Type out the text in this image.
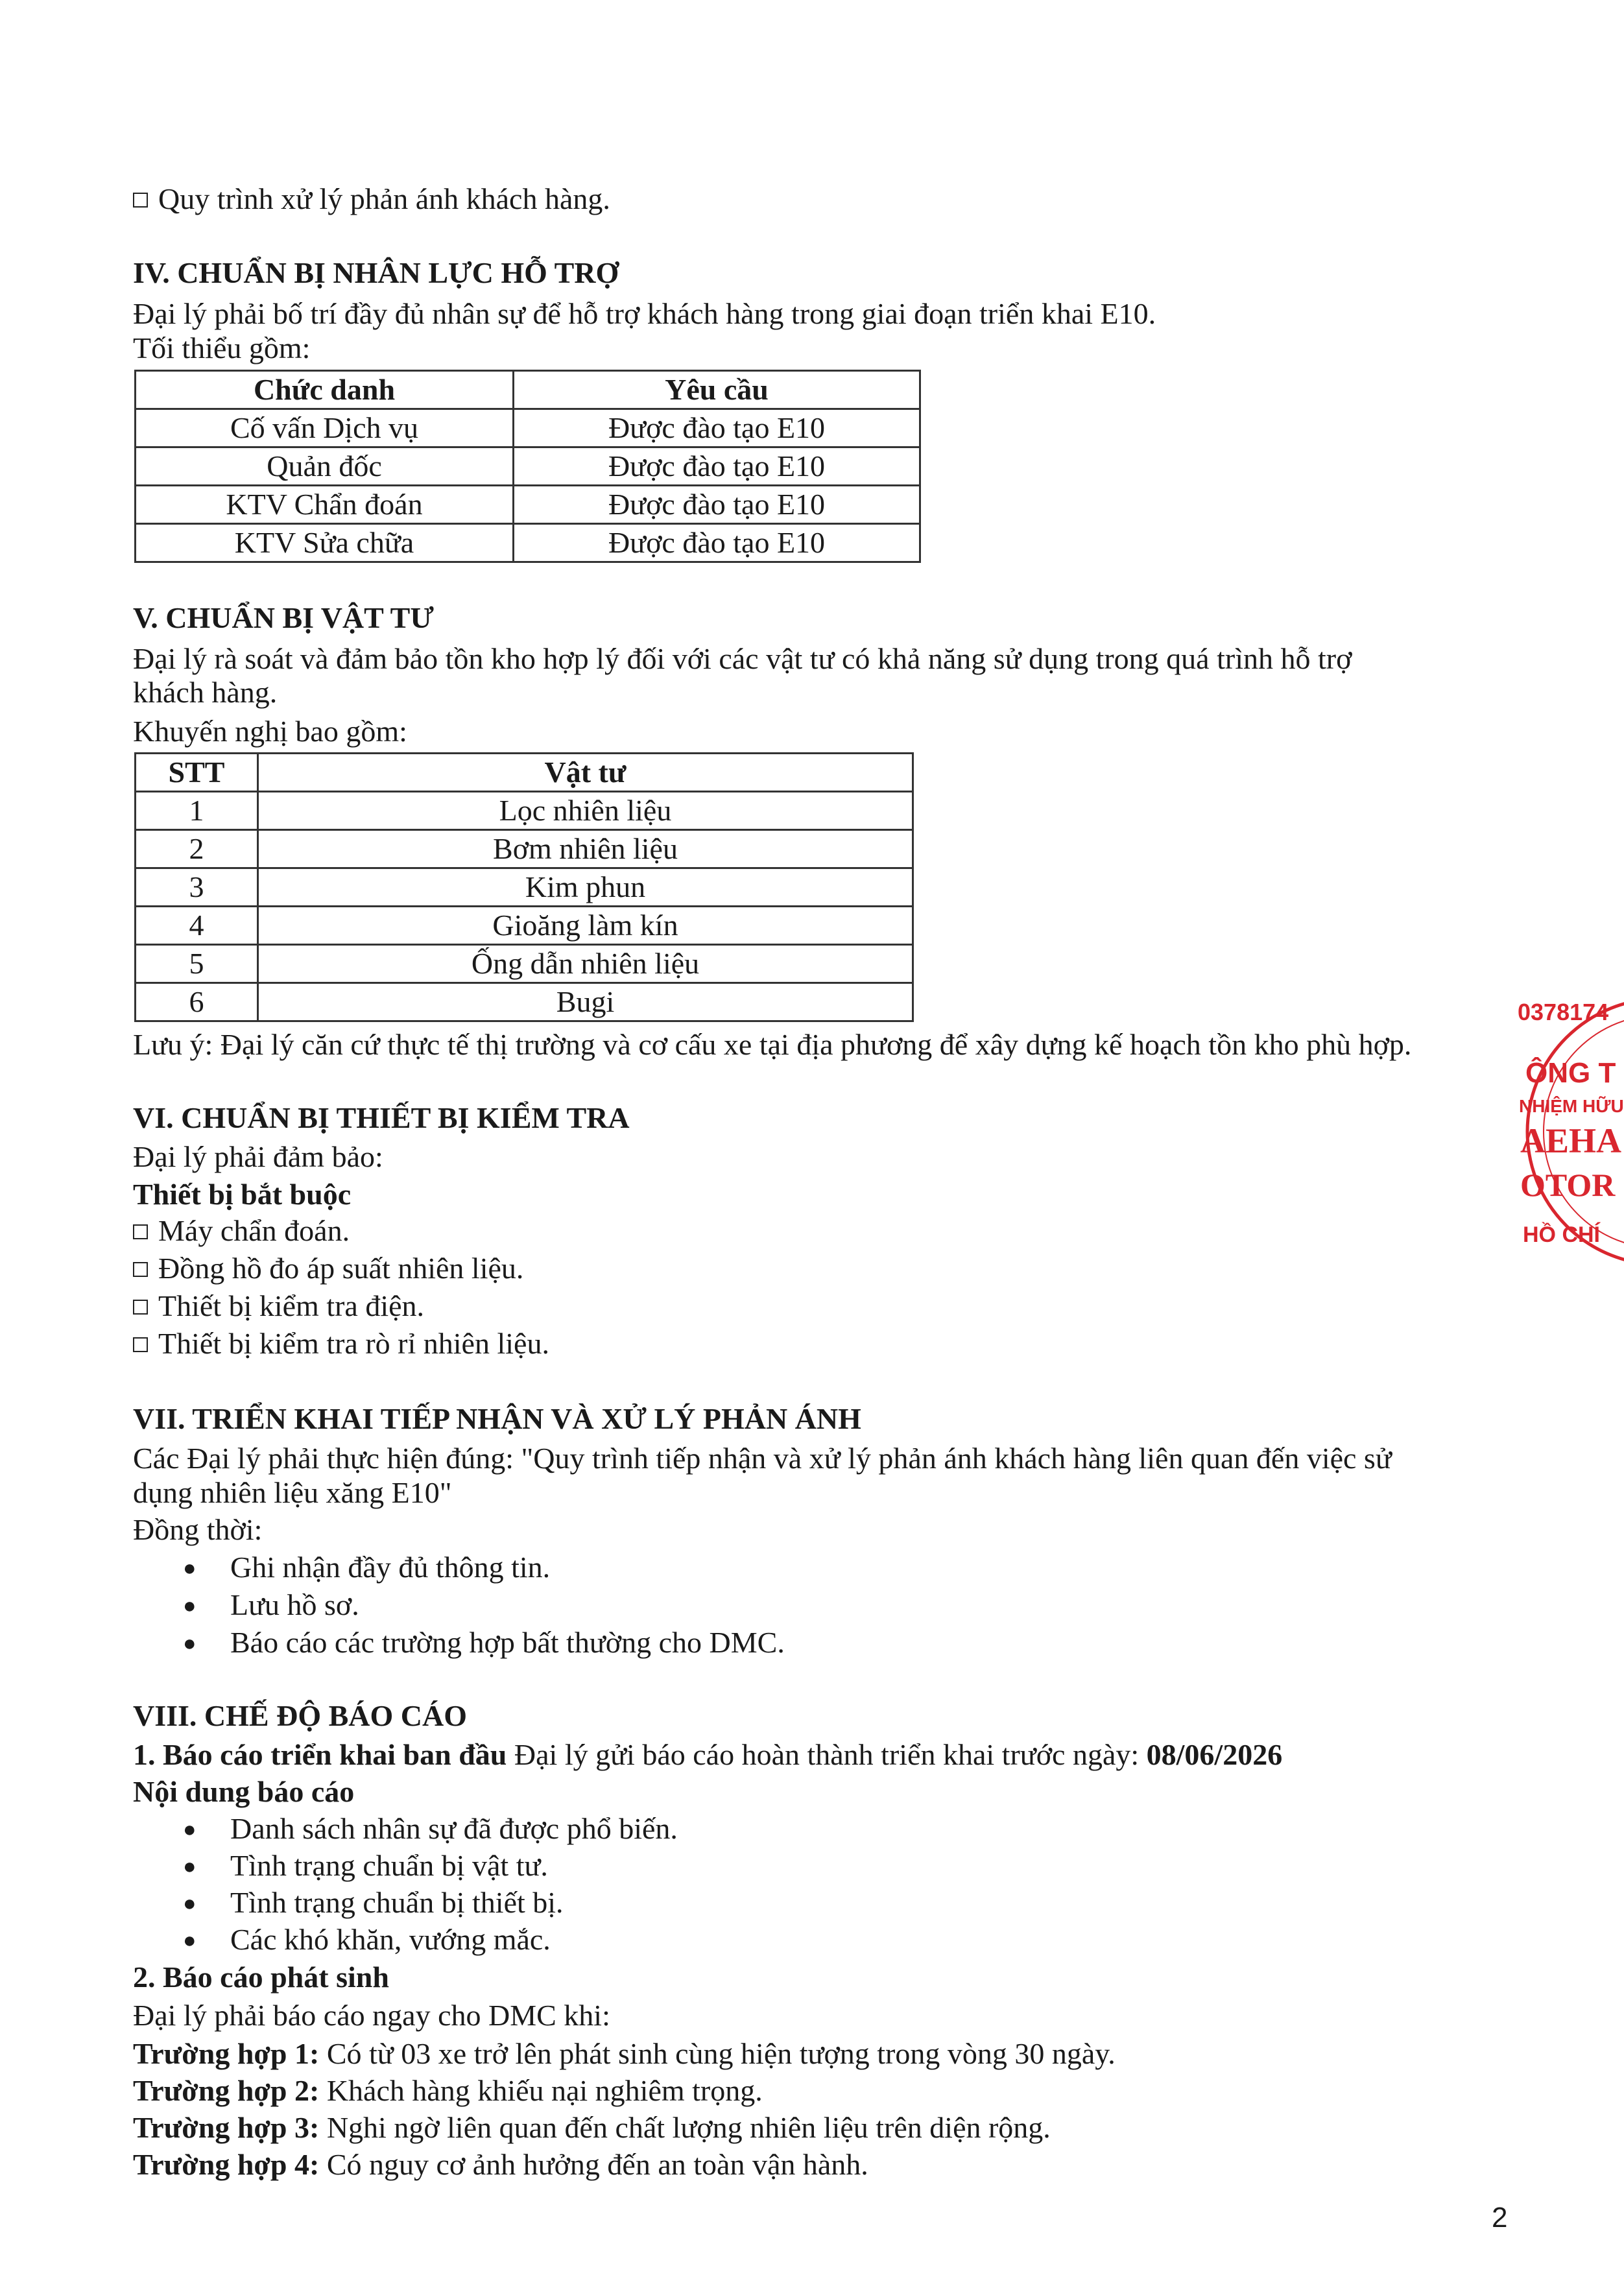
Quy trình xử lý phản ánh khách hàng.

IV. CHUẨN BỊ NHÂN LỰC HỖ TRỢ

Đại lý phải bố trí đầy đủ nhân sự để hỗ trợ khách hàng trong giai đoạn triển khai E10.

Tối thiểu gồm:

Chức danh	Yêu cầu
Cố vấn Dịch vụ	Được đào tạo E10
Quản đốc	Được đào tạo E10
KTV Chẩn đoán	Được đào tạo E10
KTV Sửa chữa	Được đào tạo E10

V. CHUẨN BỊ VẬT TƯ

Đại lý rà soát và đảm bảo tồn kho hợp lý đối với các vật tư có khả năng sử dụng trong quá trình hỗ trợ

khách hàng.

Khuyến nghị bao gồm:

STT	Vật tư
1	Lọc nhiên liệu
2	Bơm nhiên liệu
3	Kim phun
4	Gioăng làm kín
5	Ống dẫn nhiên liệu
6	Bugi

Lưu ý: Đại lý căn cứ thực tế thị trường và cơ cấu xe tại địa phương để xây dựng kế hoạch tồn kho phù hợp.

VI. CHUẨN BỊ THIẾT BỊ KIỂM TRA

Đại lý phải đảm bảo:

Thiết bị bắt buộc

Máy chẩn đoán.

Đồng hồ đo áp suất nhiên liệu.

Thiết bị kiểm tra điện.

Thiết bị kiểm tra rò rỉ nhiên liệu.

VII. TRIỂN KHAI TIẾP NHẬN VÀ XỬ LÝ PHẢN ÁNH

Các Đại lý phải thực hiện đúng: "Quy trình tiếp nhận và xử lý phản ánh khách hàng liên quan đến việc sử

dụng nhiên liệu xăng E10"

Đồng thời:

● Ghi nhận đầy đủ thông tin.

● Lưu hồ sơ.

● Báo cáo các trường hợp bất thường cho DMC.

VIII. CHẾ ĐỘ BÁO CÁO

1. Báo cáo triển khai ban đầu Đại lý gửi báo cáo hoàn thành triển khai trước ngày: 08/06/2026

Nội dung báo cáo

● Danh sách nhân sự đã được phổ biến.

● Tình trạng chuẩn bị vật tư.

● Tình trạng chuẩn bị thiết bị.

● Các khó khăn, vướng mắc.

2. Báo cáo phát sinh

Đại lý phải báo cáo ngay cho DMC khi:

Trường hợp 1: Có từ 03 xe trở lên phát sinh cùng hiện tượng trong vòng 30 ngày.

Trường hợp 2: Khách hàng khiếu nại nghiêm trọng.

Trường hợp 3: Nghi ngờ liên quan đến chất lượng nhiên liệu trên diện rộng.

Trường hợp 4: Có nguy cơ ảnh hưởng đến an toàn vận hành.

0378174
ÔNG T
NHIỆM HỮU
AEHA
OTOR
HỒ CHÍ
2
